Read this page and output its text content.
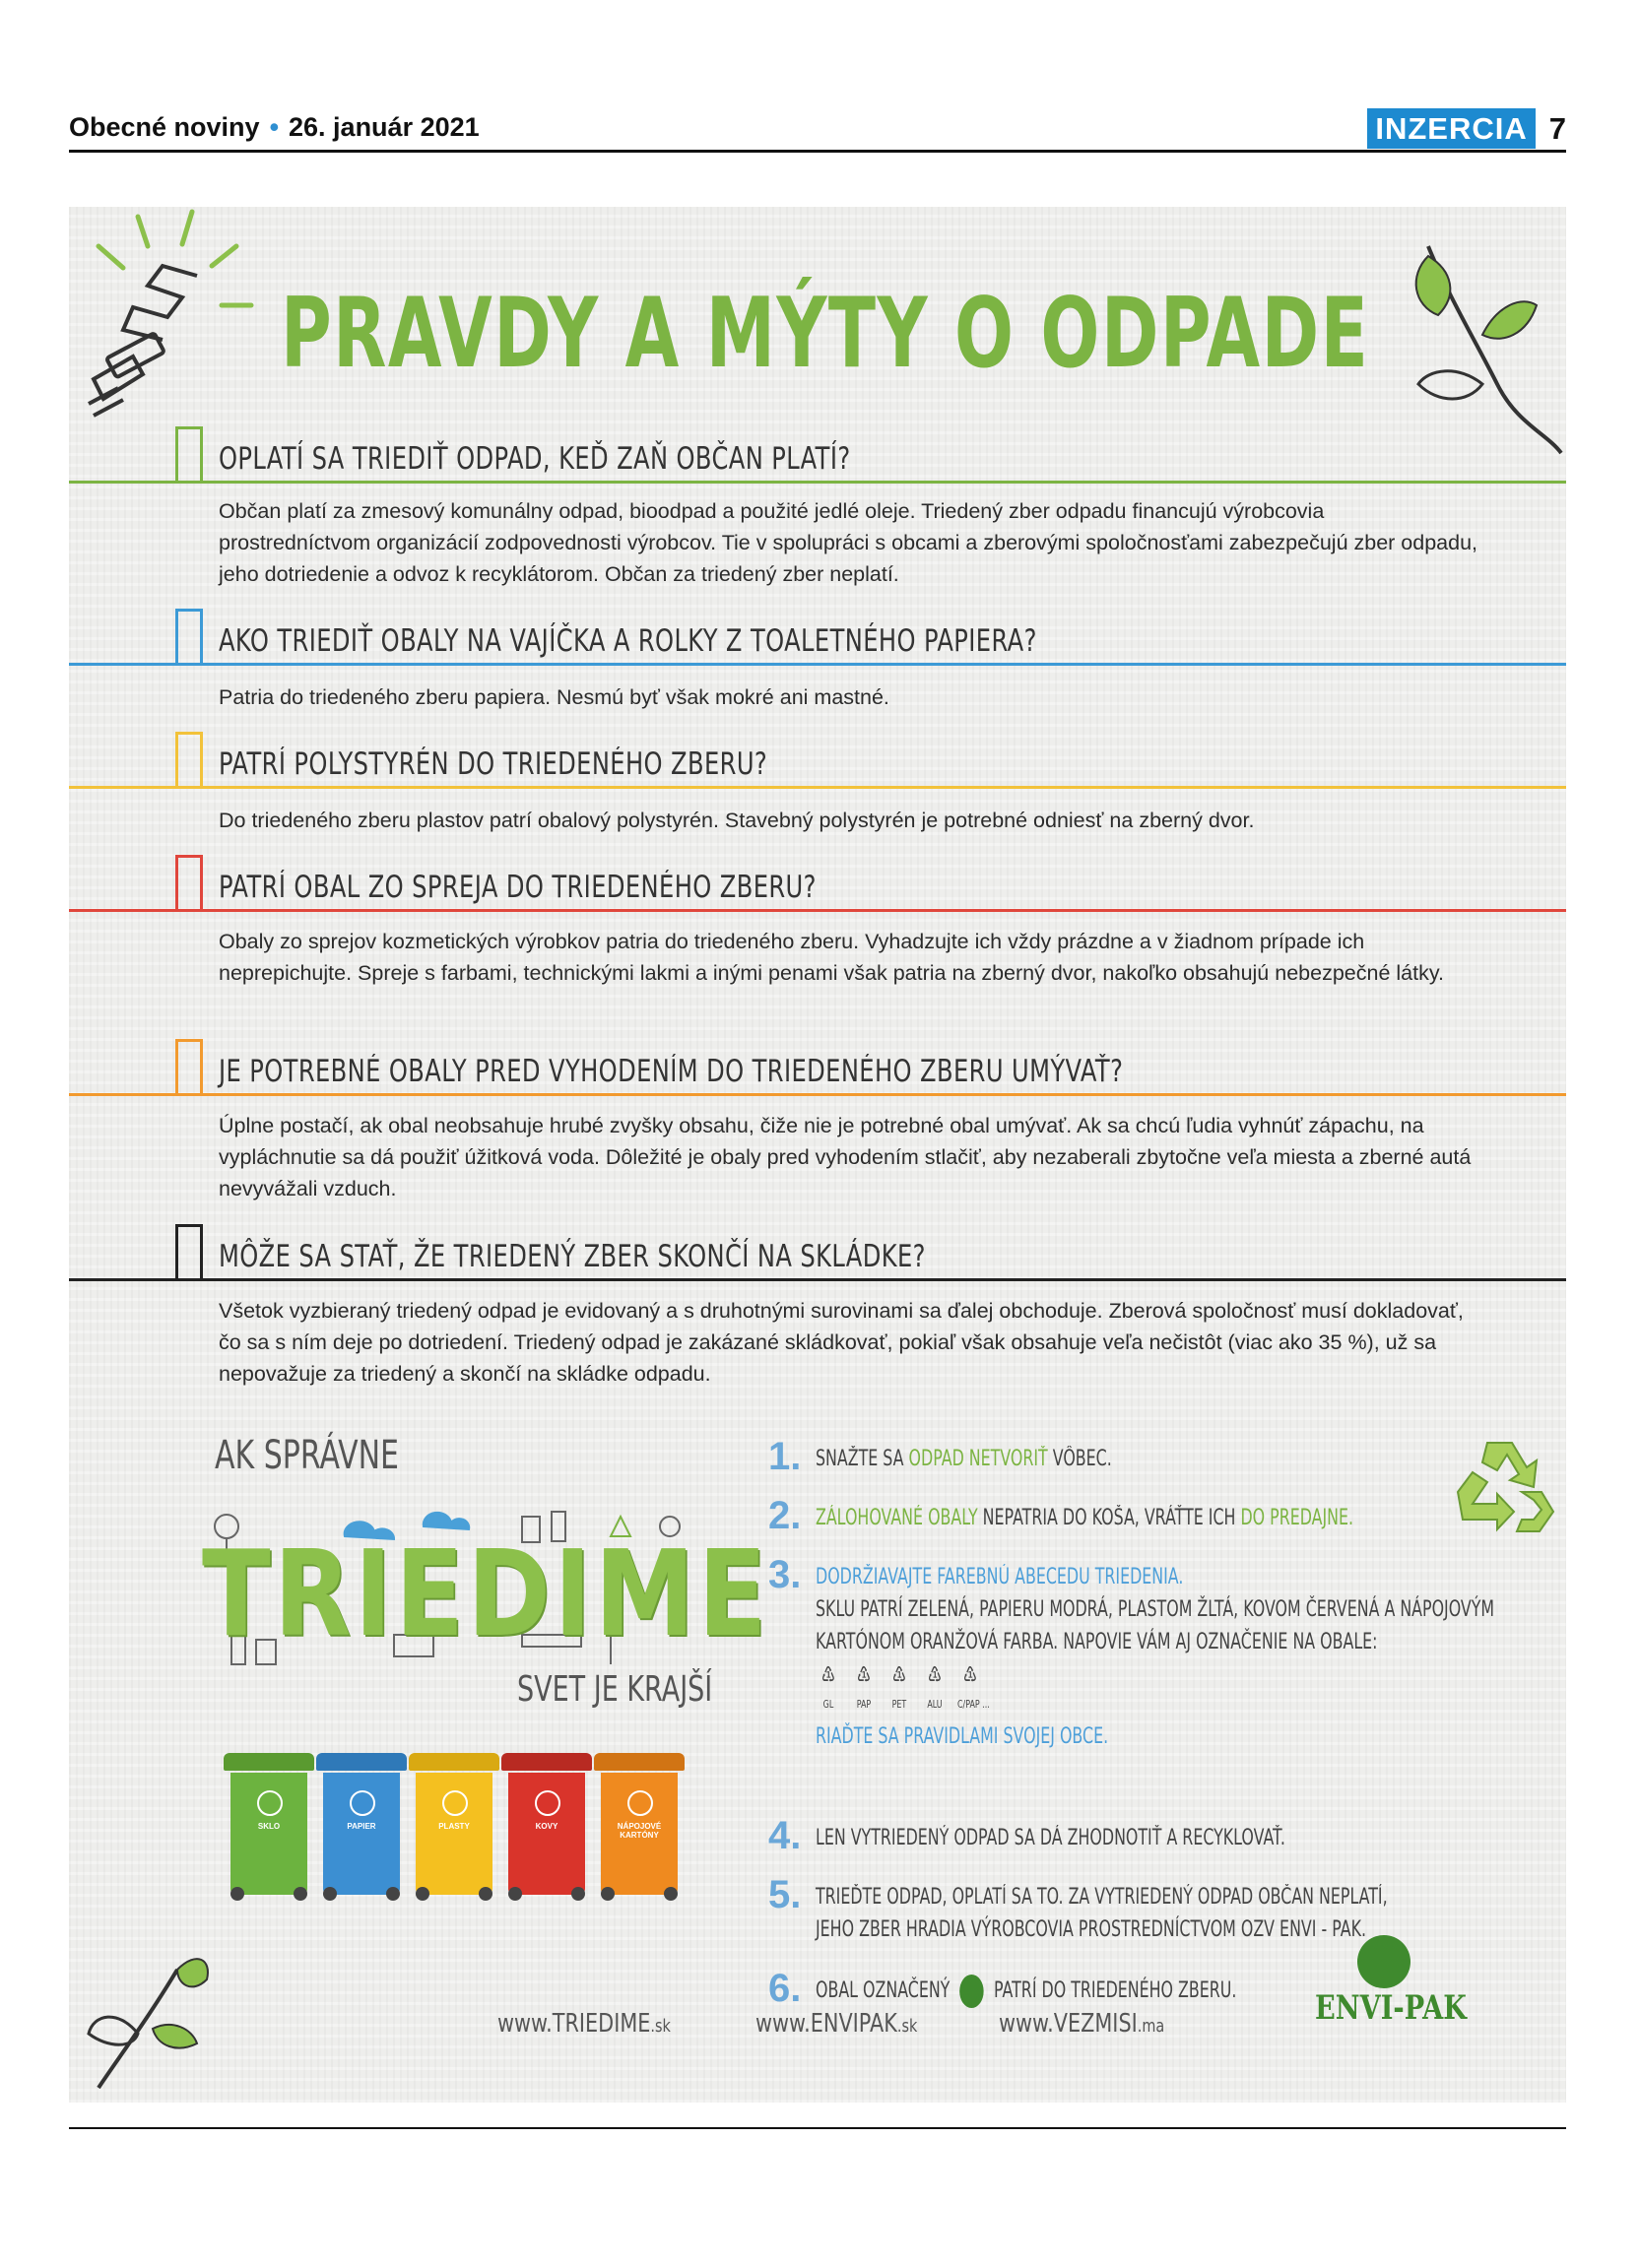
Obecné noviny • 26. január 2021	INZERCIA 7
PRAVDY A MÝTY O ODPADE
OPLATÍ SA TRIEDIŤ ODPAD, KEĎ ZAŇ OBČAN PLATÍ?
Občan platí za zmesový komunálny odpad, bioodpad a použité jedlé oleje. Triedený zber odpadu financujú výrobcovia prostredníctvom organizácií zodpovednosti výrobcov. Tie v spolupráci s obcami a zberovými spoločnosťami zabezpečujú zber odpadu, jeho dotriedenie a odvoz k recyklátorom. Občan za triedený zber neplatí.
AKO TRIEDIŤ OBALY NA VAJÍČKA A ROLKY Z TOALETNÉHO PAPIERA?
Patria do triedeného zberu papiera. Nesmú byť však mokré ani mastné.
PATRÍ POLYSTYRÉN DO TRIEDENÉHO ZBERU?
Do triedeného zberu plastov patrí obalový polystyrén. Stavebný polystyrén je potrebné odniesť na zberný dvor.
PATRÍ OBAL ZO SPREJA DO TRIEDENÉHO ZBERU?
Obaly zo sprejov kozmetických výrobkov patria do triedeného zberu. Vyhadzujte ich vždy prázdne a v žiadnom prípade ich neprepichujte. Spreje s farbami, technickými lakmi a inými penami však patria na zberný dvor, nakoľko obsahujú nebezpečné látky.
JE POTREBNÉ OBALY PRED VYHODENÍM DO TRIEDENÉHO ZBERU UMÝVAŤ?
Úplne postačí, ak obal neobsahuje hrubé zvyšky obsahu, čiže nie je potrebné obal umývať. Ak sa chcú ľudia vyhnúť zápachu, na vypláchnutie sa dá použiť úžitková voda. Dôležité je obaly pred vyhodením stlačiť, aby nezaberali zbytočne veľa miesta a zberné autá nevyvážali vzduch.
MÔŽE SA STAŤ, ŽE TRIEDENÝ ZBER SKONČÍ NA SKLÁDKE?
Všetok vyzbieraný triedený odpad je evidovaný a s druhotnými surovinami sa ďalej obchoduje. Zberová spoločnosť musí dokladovať, čo sa s ním deje po dotriedení. Triedený odpad je zakázané skládkovať, pokiaľ však obsahuje veľa nečistôt (viac ako 35 %), už sa nepovažuje za triedený a skončí na skládke odpadu.
AK SPRÁVNE
TRIEDIME
SVET JE KRAJŠÍ
SKLO	PAPIER	PLASTY	KOVY	NÁPOJOVÉ KARTÓNY
1. SNAŽTE SA ODPAD NETVORIŤ VÔBEC.
2. ZÁLOHOVANÉ OBALY NEPATRIA DO KOŠA, VRÁŤTE ICH DO PREDAJNE.
3. DODRŽIAVAJTE FAREBNÚ ABECEDU TRIEDENIA.
SKLU PATRÍ ZELENÁ, PAPIERU MODRÁ, PLASTOM ŽLTÁ, KOVOM ČERVENÁ A NÁPOJOVÝM
KARTÓNOM ORANŽOVÁ FARBA. NAPOVIE VÁM AJ OZNAČENIE NA OBALE:
♳ GL	♳ PAP	♳ PET	♳ ALU	♳ C/PAP ...
RIAĎTE SA PRAVIDLAMI SVOJEJ OBCE.
4. LEN VYTRIEDENÝ ODPAD SA DÁ ZHODNOTIŤ A RECYKLOVAŤ.
5. TRIEĎTE ODPAD, OPLATÍ SA TO. ZA VYTRIEDENÝ ODPAD OBČAN NEPLATÍ,
JEHO ZBER HRADIA VÝROBCOVIA PROSTREDNÍCTVOM OZV ENVI - PAK.
6. OBAL OZNAČENÝ PATRÍ DO TRIEDENÉHO ZBERU.
www.TRIEDIME.sk	www.ENVIPAK.sk	www.VEZMISI.ma	ENVI-PAK
